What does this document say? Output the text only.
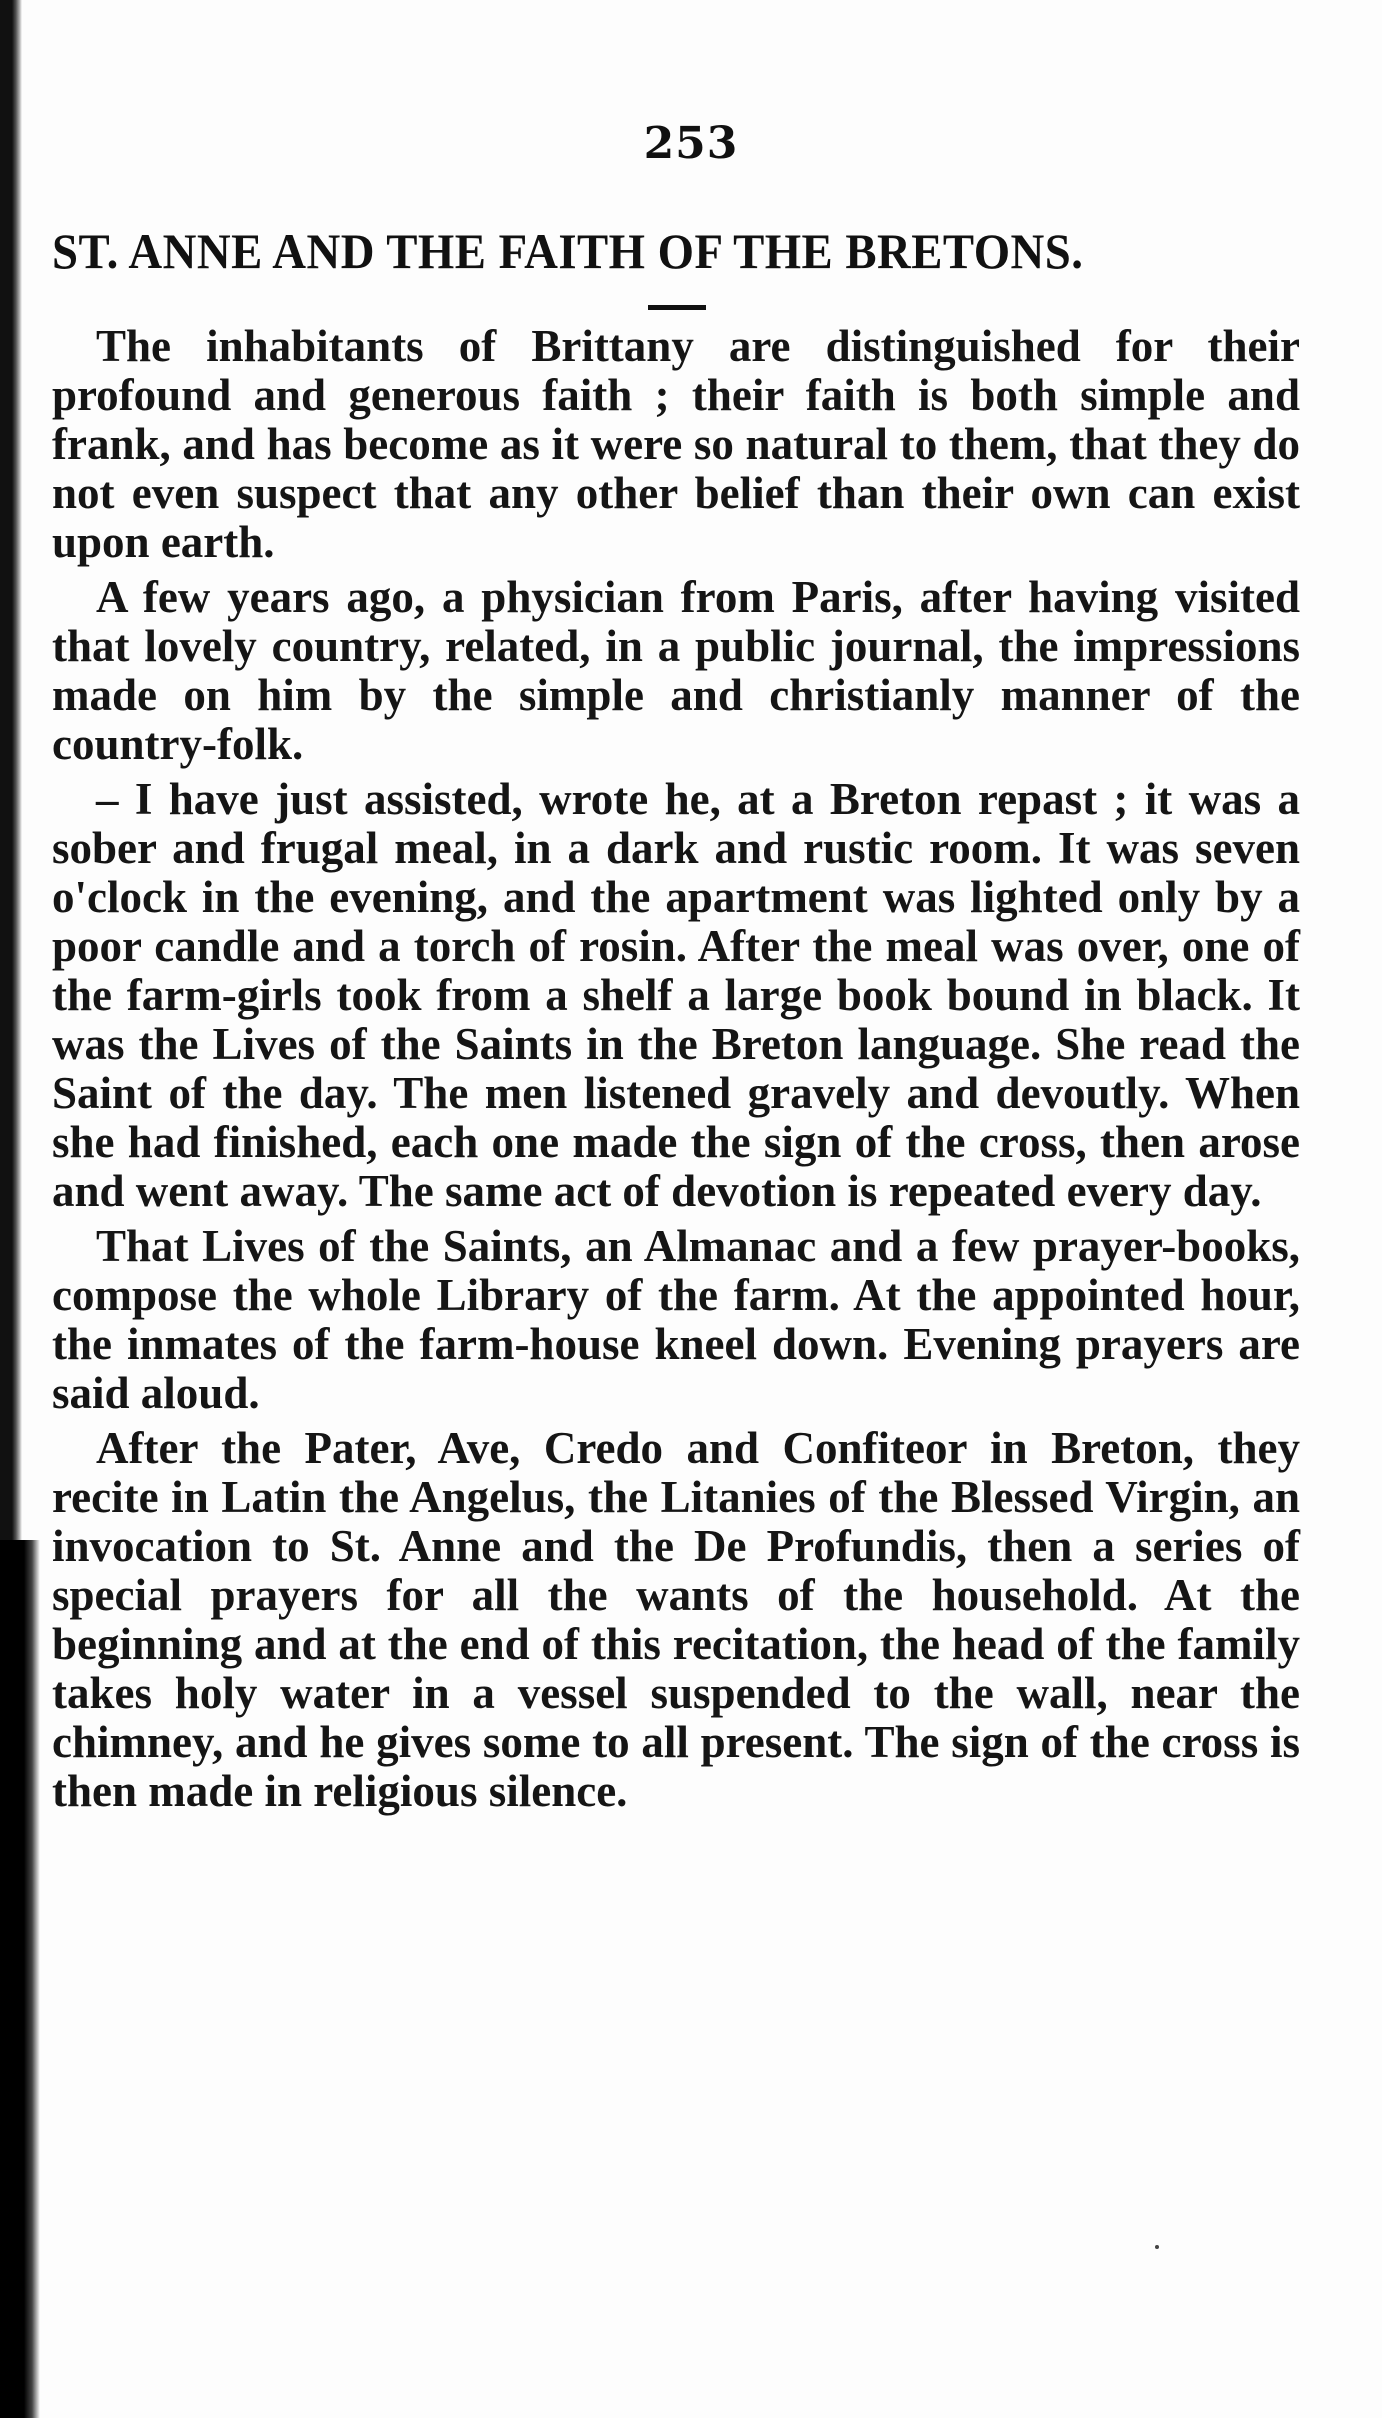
253
ST. ANNE AND THE FAITH OF THE BRETONS.

The inhabitants of Brittany are distinguished for their profound and generous faith ; their faith is both simple and frank, and has become as it were so natural to them, that they do not even suspect that any other belief than their own can exist upon earth.

A few years ago, a physician from Paris, after having visited that lovely country, related, in a public journal, the impressions made on him by the simple and christianly manner of the country-folk.

– I have just assisted, wrote he, at a Breton repast ; it was a sober and frugal meal, in a dark and rustic room. It was seven o'clock in the evening, and the apartment was lighted only by a poor candle and a torch of rosin. After the meal was over, one of the farm-girls took from a shelf a large book bound in black. It was the Lives of the Saints in the Breton language. She read the Saint of the day. The men listened gravely and devoutly. When she had finished, each one made the sign of the cross, then arose and went away. The same act of devotion is repeated every day.

That Lives of the Saints, an Almanac and a few prayer-books, compose the whole Library of the farm. At the appointed hour, the inmates of the farm-house kneel down. Evening prayers are said aloud.

After the Pater, Ave, Credo and Confiteor in Breton, they recite in Latin the Angelus, the Litanies of the Blessed Virgin, an invocation to St. Anne and the De Profundis, then a series of special prayers for all the wants of the household. At the beginning and at the end of this recitation, the head of the family takes holy water in a vessel suspended to the wall, near the chimney, and he gives some to all present. The sign of the cross is then made in religious silence.
